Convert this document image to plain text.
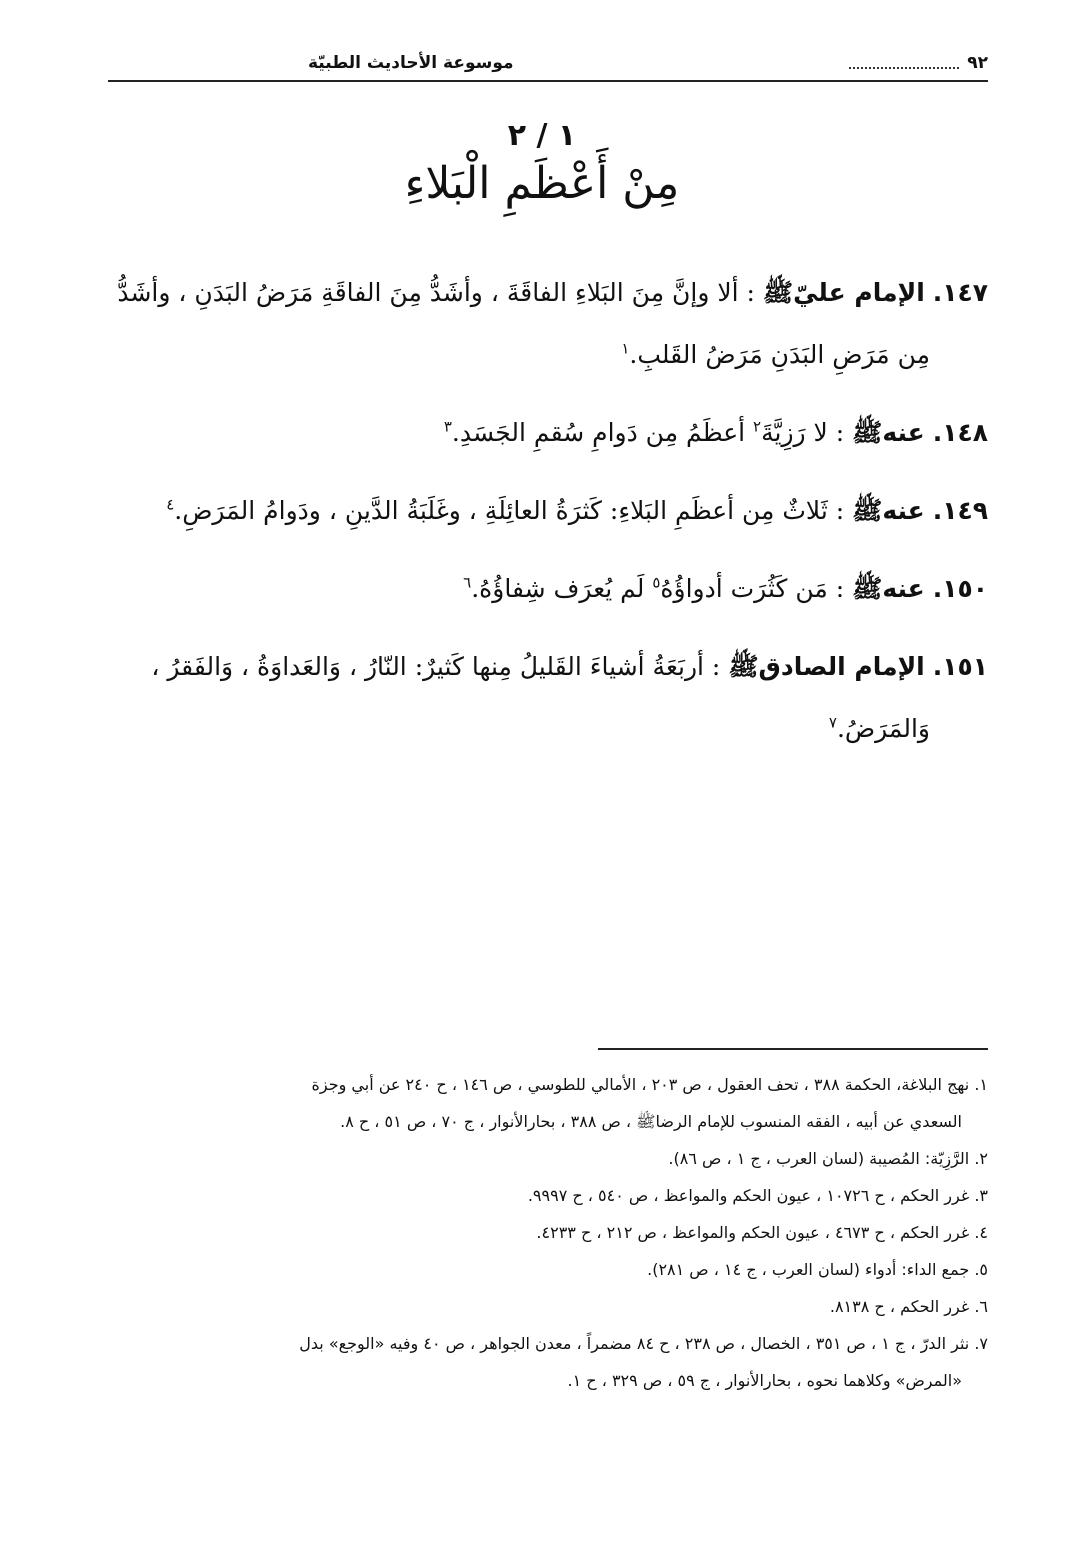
٩٢
موسوعة الأحاديث الطبيّة
١ / ٢
مِنْ أَعْظَمِ الْبَلاءِ
١٤٧. الإمام عليّﷺ : ألا وإنَّ مِنَ البَلاءِ الفاقَةَ ، وأشَدُّ مِنَ الفاقَةِ مَرَضُ البَدَنِ ، وأشَدُّ
مِن مَرَضِ البَدَنِ مَرَضُ القَلبِ.$^١$
١٤٨. عنهﷺ : لا رَزِيَّةَ$^٢$ أعظَمُ مِن دَوامِ سُقمِ الجَسَدِ.$^٣$
١٤٩. عنهﷺ : ثَلاثٌ مِن أعظَمِ البَلاءِ: كَثرَةُ العائِلَةِ ، وغَلَبَةُ الدَّينِ ، ودَوامُ المَرَضِ.$^٤$
١٥٠. عنهﷺ : مَن كَثُرَت أدواؤُهُ$^٥$ لَم يُعرَف شِفاؤُهُ.$^٦$
١٥١. الإمام الصادقﷺ : أربَعَةُ أشياءَ القَليلُ مِنها كَثيرٌ: النّارُ ، وَالعَداوَةُ ، وَالفَقرُ ،
وَالمَرَضُ.$^٧$

١. نهج البلاغة، الحكمة ٣٨٨ ، تحف العقول ، ص ٢٠٣ ، الأمالي للطوسي ، ص ١٤٦ ، ح ٢٤٠ عن أبي وجزة
السعدي عن أبيه ، الفقه المنسوب للإمام الرضاﷺ ، ص ٣٨٨ ، بحارالأنوار ، ج ٧٠ ، ص ٥١ ، ح ٨.

٢. الرَّزِيّة: المُصيبة (لسان العرب ، ج ١ ، ص ٨٦).

٣. غرر الحكم ، ح ١٠٧٢٦ ، عيون الحكم والمواعظ ، ص ٥٤٠ ، ح ٩٩٩٧.

٤. غرر الحكم ، ح ٤٦٧٣ ، عيون الحكم والمواعظ ، ص ٢١٢ ، ح ٤٢٣٣.

٥. جمع الداء: أدواء (لسان العرب ، ج ١٤ ، ص ٢٨١).

٦. غرر الحكم ، ح ٨١٣٨.

٧. نثر الدرّ ، ج ١ ، ص ٣٥١ ، الخصال ، ص ٢٣٨ ، ح ٨٤ مضمراً ، معدن الجواهر ، ص ٤٠ وفيه «الوجع» بدل
«المرض» وكلاهما نحوه ، بحارالأنوار ، ج ٥٩ ، ص ٣٢٩ ، ح ١.
